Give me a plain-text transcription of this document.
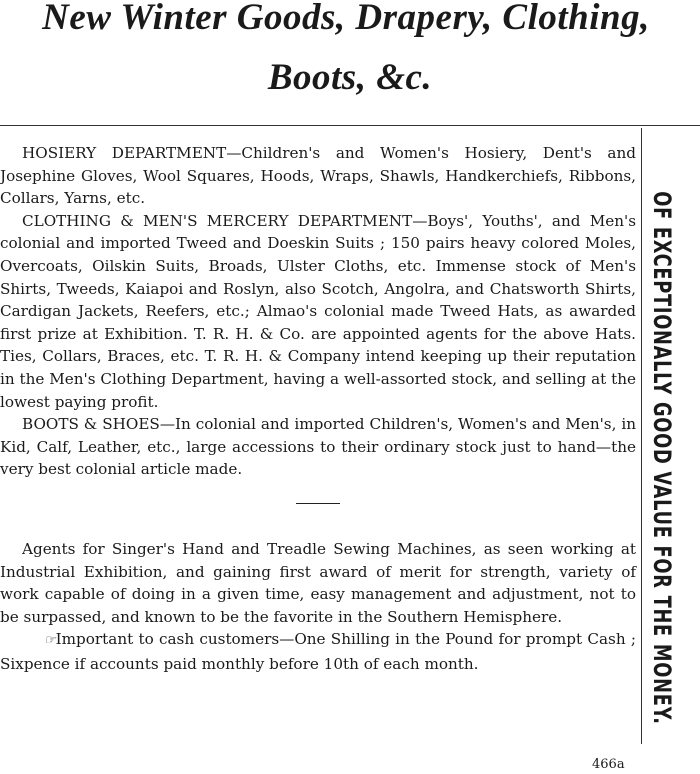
New Winter Goods, Drapery, Clothing,
Boots, &c.

HOSIERY DEPARTMENT—Children's and Women's Hosiery, Dent's and Josephine Gloves, Wool Squares, Hoods, Wraps, Shawls, Handkerchiefs, Ribbons, Collars, Yarns, etc.

CLOTHING & MEN'S MERCERY DEPARTMENT—Boys', Youths', and Men's colonial and imported Tweed and Doeskin Suits ; 150 pairs heavy colored Moles, Overcoats, Oilskin Suits, Broads, Ulster Cloths, etc. Immense stock of Men's Shirts, Tweeds, Kaiapoi and Roslyn, also Scotch, Angolra, and Chatsworth Shirts, Cardigan Jackets, Reefers, etc.; Almao's colonial made Tweed Hats, as awarded first prize at Exhibition. T. R. H. & Co. are appointed agents for the above Hats. Ties, Collars, Braces, etc. T. R. H. & Company intend keeping up their reputation in the Men's Clothing Department, having a well-assorted stock, and selling at the lowest paying profit.

BOOTS & SHOES—In colonial and imported Children's, Women's and Men's, in Kid, Calf, Leather, etc., large accessions to their ordinary stock just to hand—the very best colonial article made.

Agents for Singer's Hand and Treadle Sewing Machines, as seen working at Industrial Exhibition, and gaining first award of merit for strength, variety of work capable of doing in a given time, easy management and adjustment, not to be surpassed, and known to be the favorite in the Southern Hemisphere.

☞Important to cash customers—One Shilling in the Pound for prompt Cash ; Sixpence if accounts paid monthly before 10th of each month.	OF EXCEPTIONALLY GOOD VALUE FOR THE MONEY.
466a
